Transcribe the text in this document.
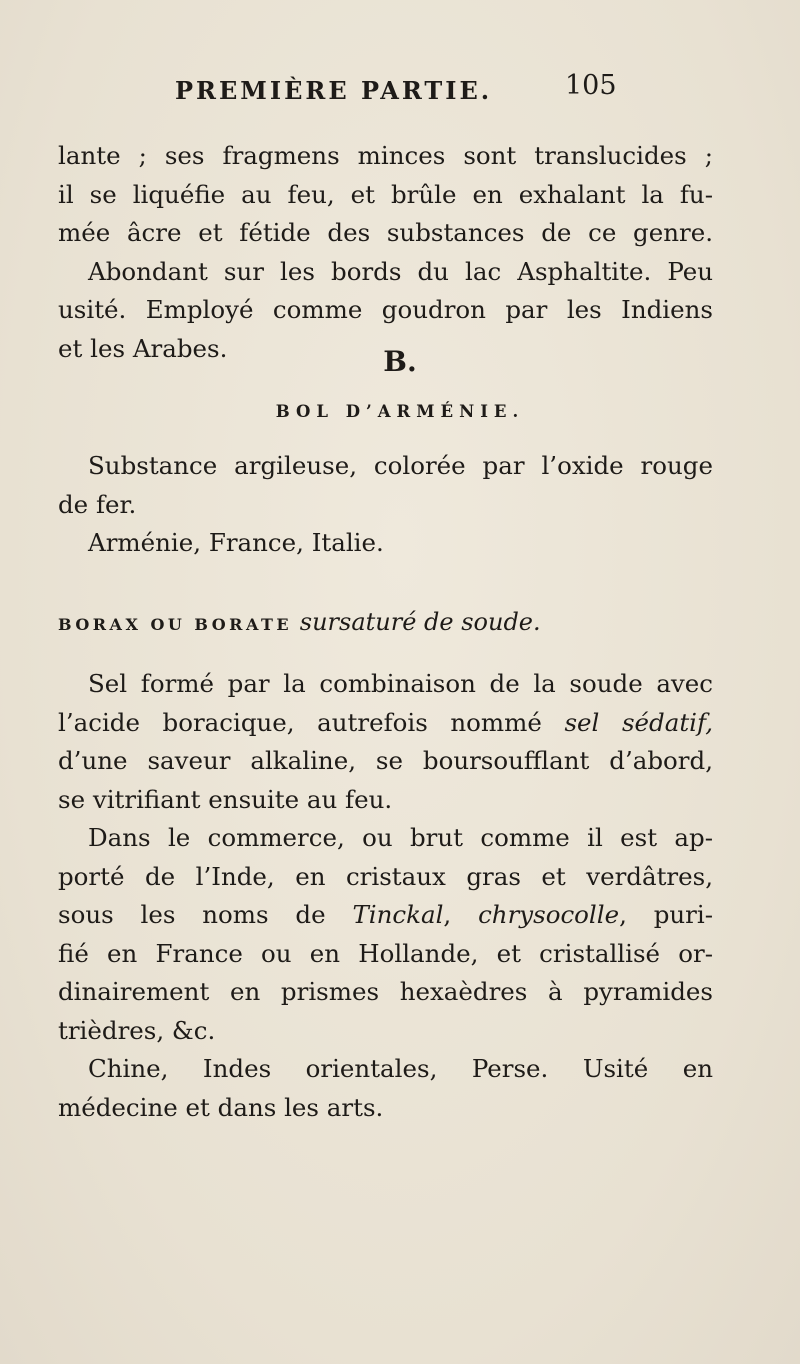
PREMIÈRE PARTIE.	105
lante ; ses fragmens minces sont translucides ;
il se liquéfie au feu, et brûle en exhalant la fu-
mée âcre et fétide des substances de ce genre.
Abondant sur les bords du lac Asphaltite. Peu
usité. Employé comme goudron par les Indiens
et les Arabes.	B.
BOL D’ARMÉNIE.
Substance argileuse, colorée par l’oxide rouge
de fer.
Arménie, France, Italie.
BORAX OU BORATE sursaturé de soude.
Sel formé par la combinaison de la soude avec
l’acide boracique, autrefois nommé sel sédatif,
d’une saveur alkaline, se boursoufflant d’abord,
se vitrifiant ensuite au feu.
Dans le commerce, ou brut comme il est ap-
porté de l’Inde, en cristaux gras et verdâtres,
sous les noms de Tinckal, chrysocolle, puri-
fié en France ou en Hollande, et cristallisé or-
dinairement en prismes hexaèdres à pyramides
trièdres, &c.
Chine, Indes orientales, Perse. Usité en
médecine et dans les arts.
